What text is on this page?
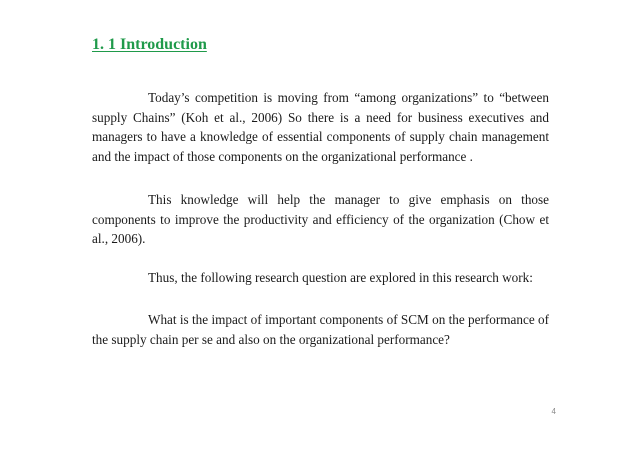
1. 1 Introduction

Today’s competition is moving from “among organizations” to “between supply Chains” (Koh et al., 2006) So there is a need for business executives and managers to have a knowledge of essential components of supply chain management and the impact of those components on the organizational performance .

This knowledge will help the manager to give emphasis on those components to improve the productivity and efficiency of the organization (Chow et al., 2006).

Thus, the following research question are explored in this research work:

What is the impact of important components of SCM on the performance of the supply chain per se and also on the organizational performance?

4
